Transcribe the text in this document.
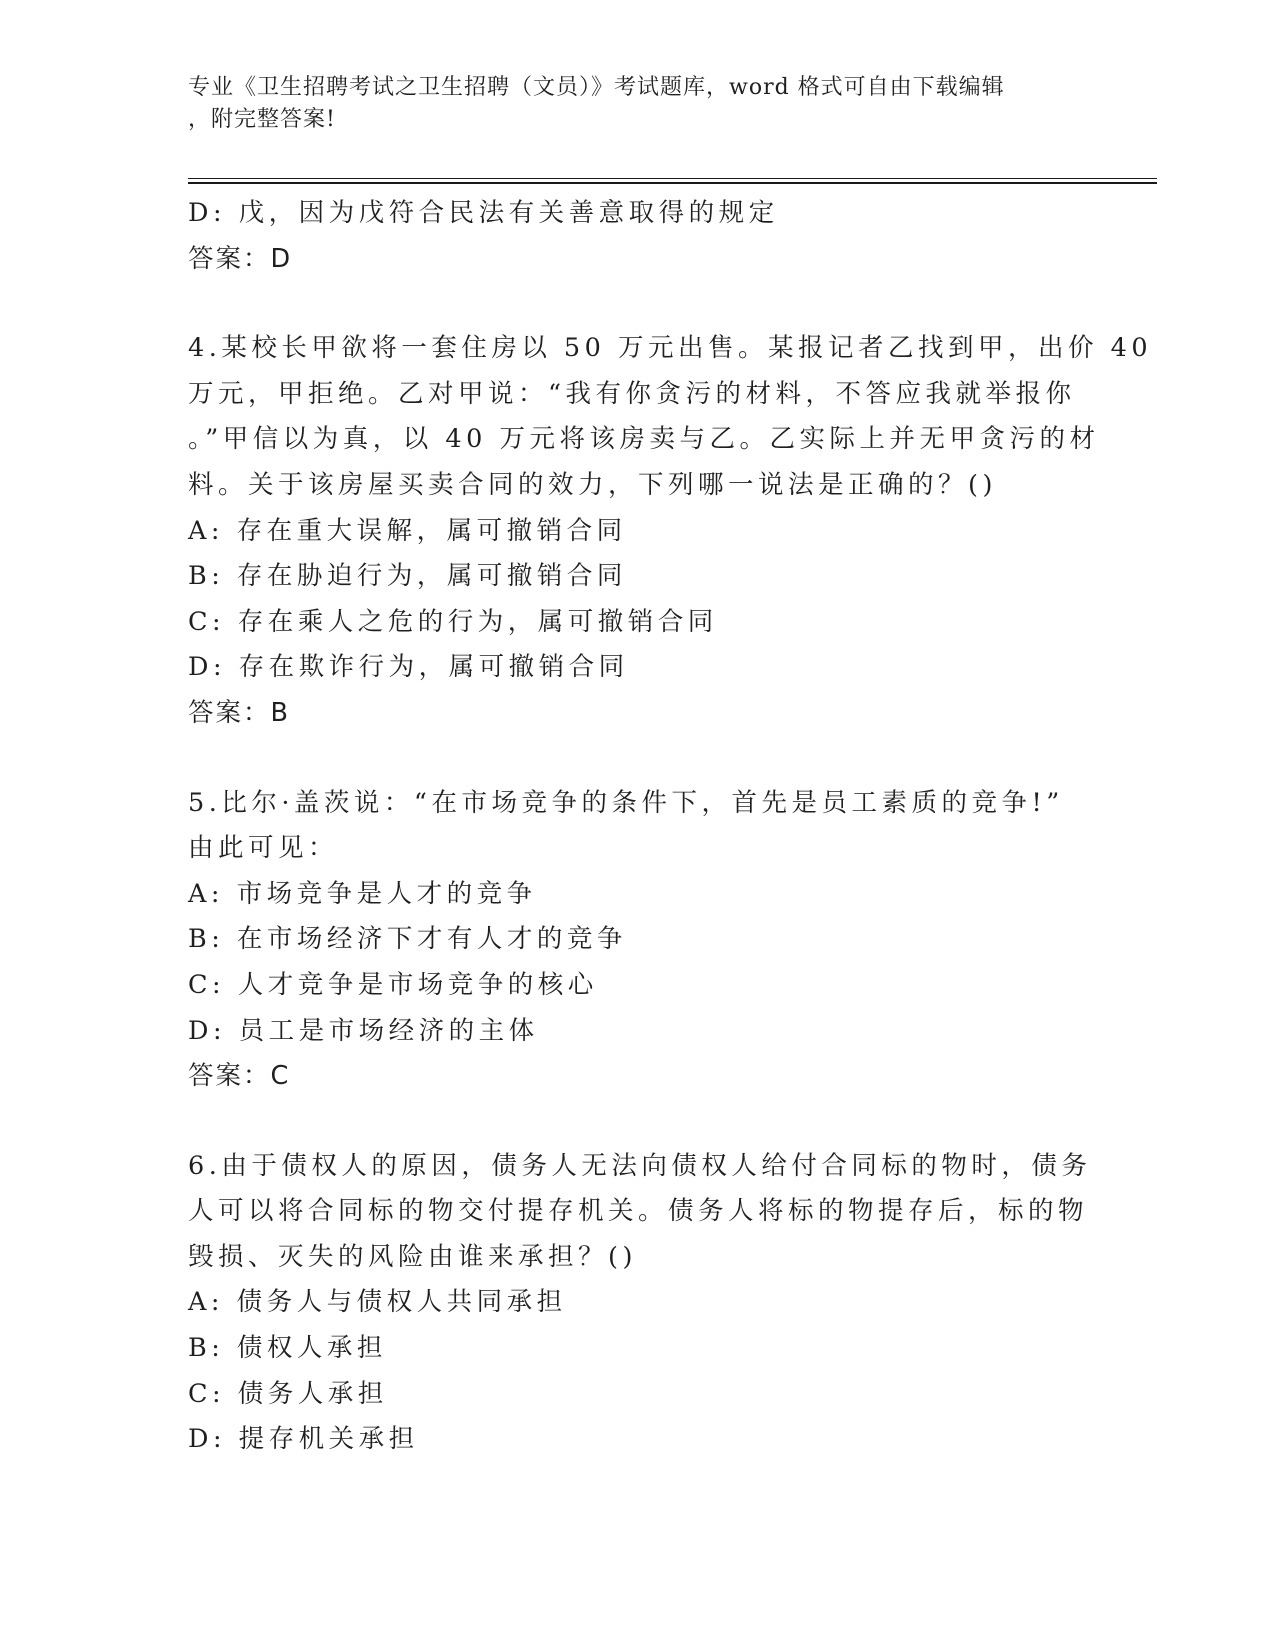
专业《卫生招聘考试之卫生招聘（文员）》考试题库，word 格式可自由下载编辑
，附完整答案!

D: 戊，因为戊符合民法有关善意取得的规定

答案：D

4.某校长甲欲将一套住房以 50 万元出售。某报记者乙找到甲，出价 40

万元，甲拒绝。乙对甲说：“我有你贪污的材料，不答应我就举报你

。”甲信以为真，以 40 万元将该房卖与乙。乙实际上并无甲贪污的材

料。关于该房屋买卖合同的效力，下列哪一说法是正确的？()

A: 存在重大误解，属可撤销合同

B: 存在胁迫行为，属可撤销合同

C: 存在乘人之危的行为，属可撤销合同

D: 存在欺诈行为，属可撤销合同

答案：B

5.比尔·盖茨说：“在市场竞争的条件下，首先是员工素质的竞争!”

由此可见：

A: 市场竞争是人才的竞争

B: 在市场经济下才有人才的竞争

C: 人才竞争是市场竞争的核心

D: 员工是市场经济的主体

答案：C

6.由于债权人的原因，债务人无法向债权人给付合同标的物时，债务

人可以将合同标的物交付提存机关。债务人将标的物提存后，标的物

毁损、灭失的风险由谁来承担？()

A: 债务人与债权人共同承担

B: 债权人承担

C: 债务人承担

D: 提存机关承担
